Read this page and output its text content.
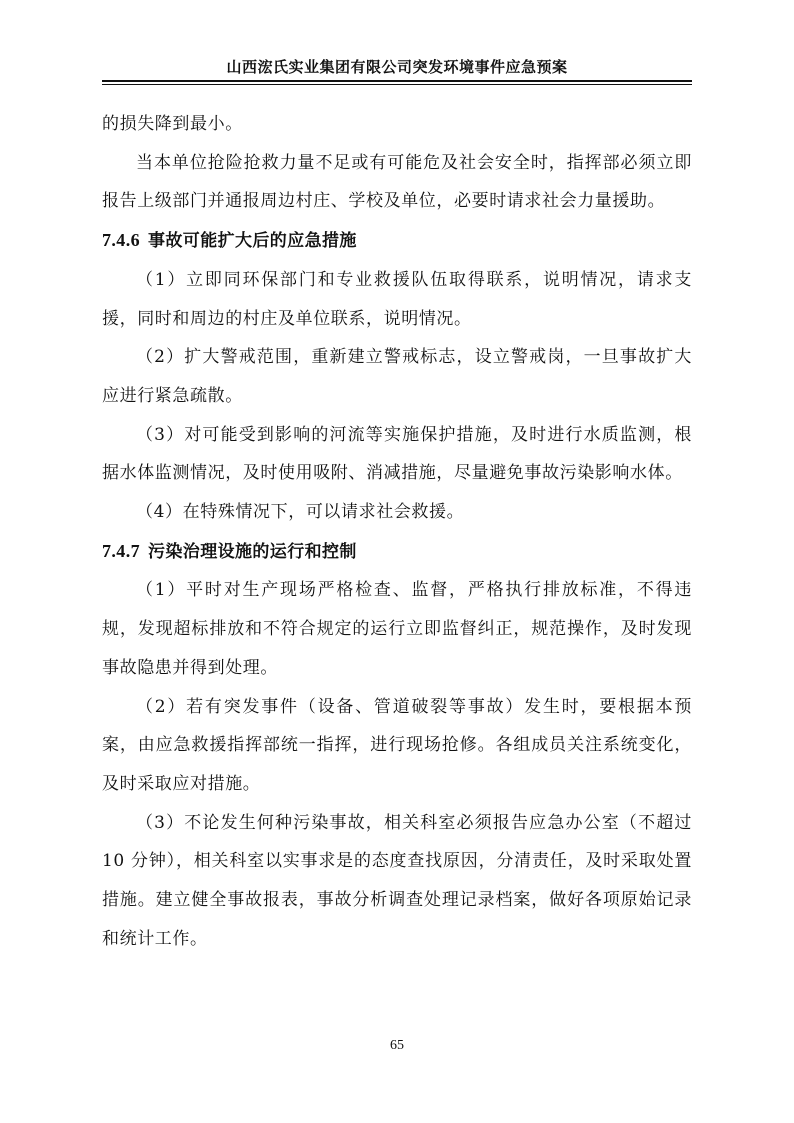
山西浤氏实业集团有限公司突发环境事件应急预案

的损失降到最小。

当本单位抢险抢救力量不足或有可能危及社会安全时，指挥部必须立即报告上级部门并通报周边村庄、学校及单位，必要时请求社会力量援助。

7.4.6 事故可能扩大后的应急措施

（1）立即同环保部门和专业救援队伍取得联系，说明情况，请求支援，同时和周边的村庄及单位联系，说明情况。

（2）扩大警戒范围，重新建立警戒标志，设立警戒岗，一旦事故扩大应进行紧急疏散。

（3）对可能受到影响的河流等实施保护措施，及时进行水质监测，根据水体监测情况，及时使用吸附、消减措施，尽量避免事故污染影响水体。

（4）在特殊情况下，可以请求社会救援。

7.4.7 污染治理设施的运行和控制

（1）平时对生产现场严格检查、监督，严格执行排放标准，不得违规，发现超标排放和不符合规定的运行立即监督纠正，规范操作，及时发现事故隐患并得到处理。

（2）若有突发事件（设备、管道破裂等事故）发生时，要根据本预案，由应急救援指挥部统一指挥，进行现场抢修。各组成员关注系统变化，及时采取应对措施。

（3）不论发生何种污染事故，相关科室必须报告应急办公室（不超过 10 分钟），相关科室以实事求是的态度查找原因，分清责任，及时采取处置措施。建立健全事故报表，事故分析调查处理记录档案，做好各项原始记录和统计工作。

65
